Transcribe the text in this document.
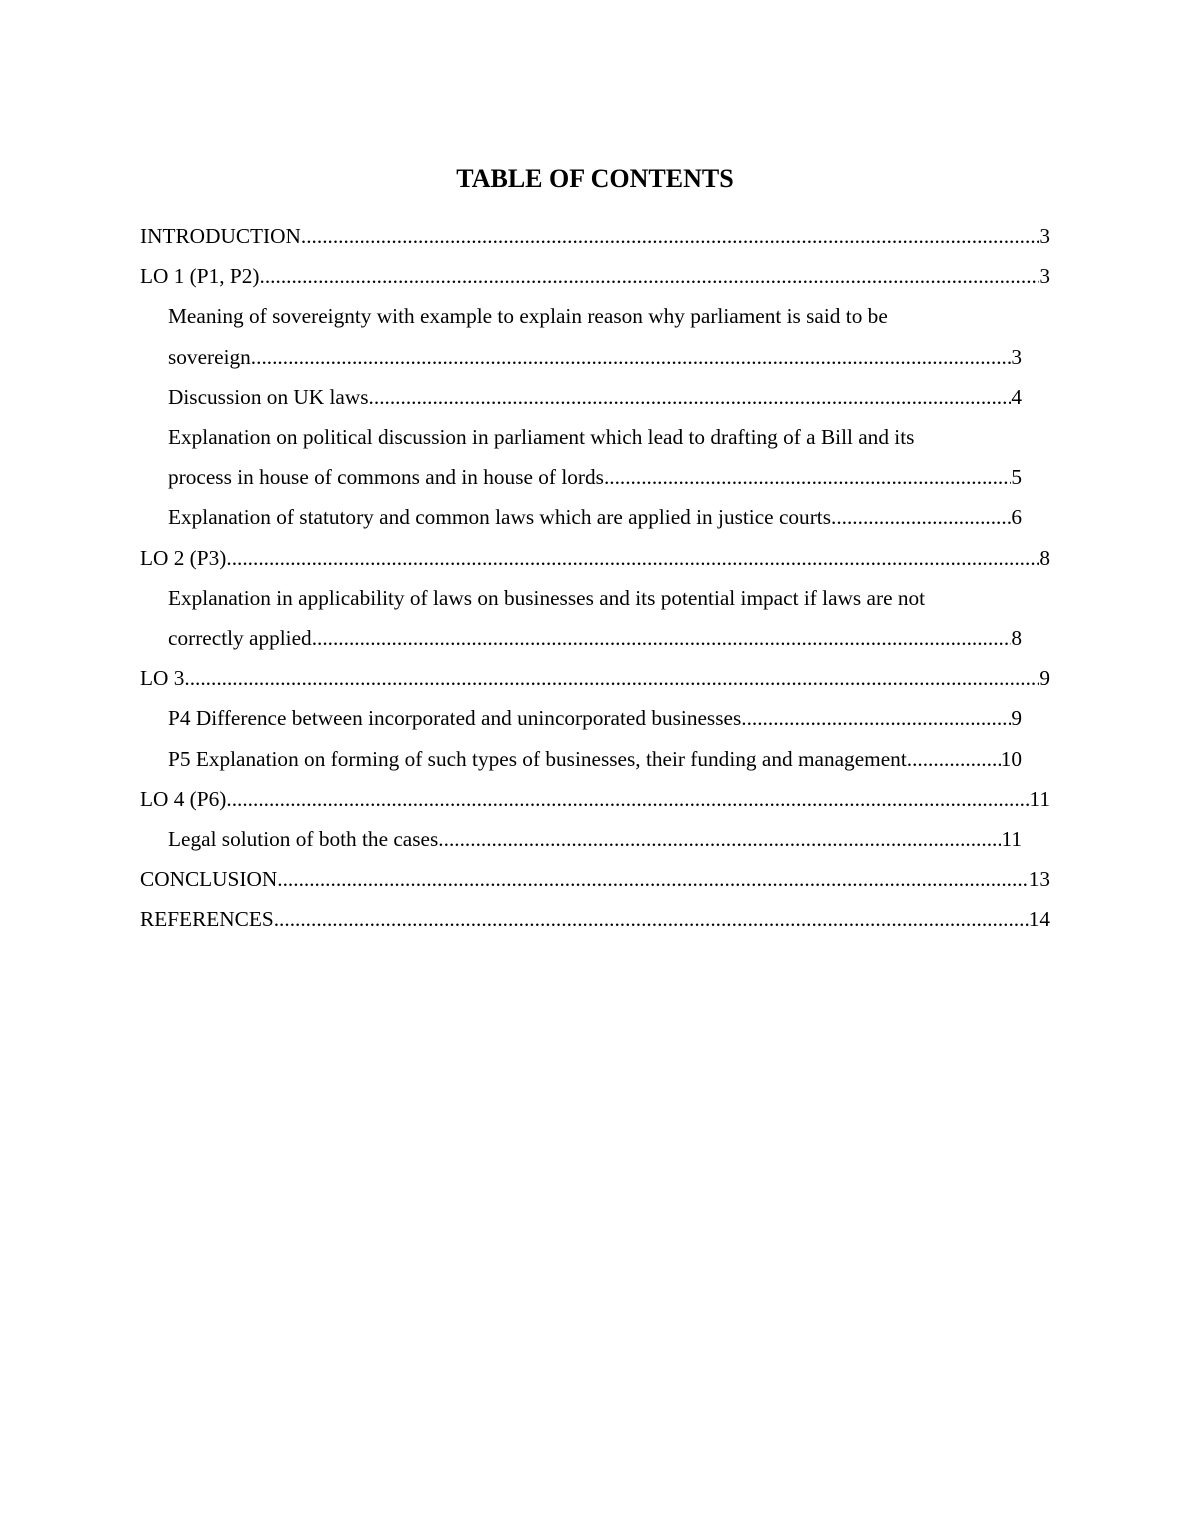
TABLE OF CONTENTS
INTRODUCTION .....	3
LO 1 (P1, P2) .....	3
Meaning of sovereignty with example to explain reason why parliament is said to be
sovereign .....	3
Discussion on UK laws .....	4
Explanation on political discussion in parliament which lead to drafting of a Bill and its
process in house of commons and in house of lords .....	5
Explanation of statutory and common laws which are applied in justice courts .....	6
LO 2 (P3) .....	8
Explanation in applicability of laws on businesses and its potential impact if laws are not
correctly applied .....	8
LO 3 .....	9
P4 Difference between incorporated and unincorporated businesses .....	9
P5 Explanation on forming of such types of businesses, their funding and management .....	10
LO 4 (P6) .....	11
Legal solution of both the cases .....	11
CONCLUSION .....	13
REFERENCES .....	14
